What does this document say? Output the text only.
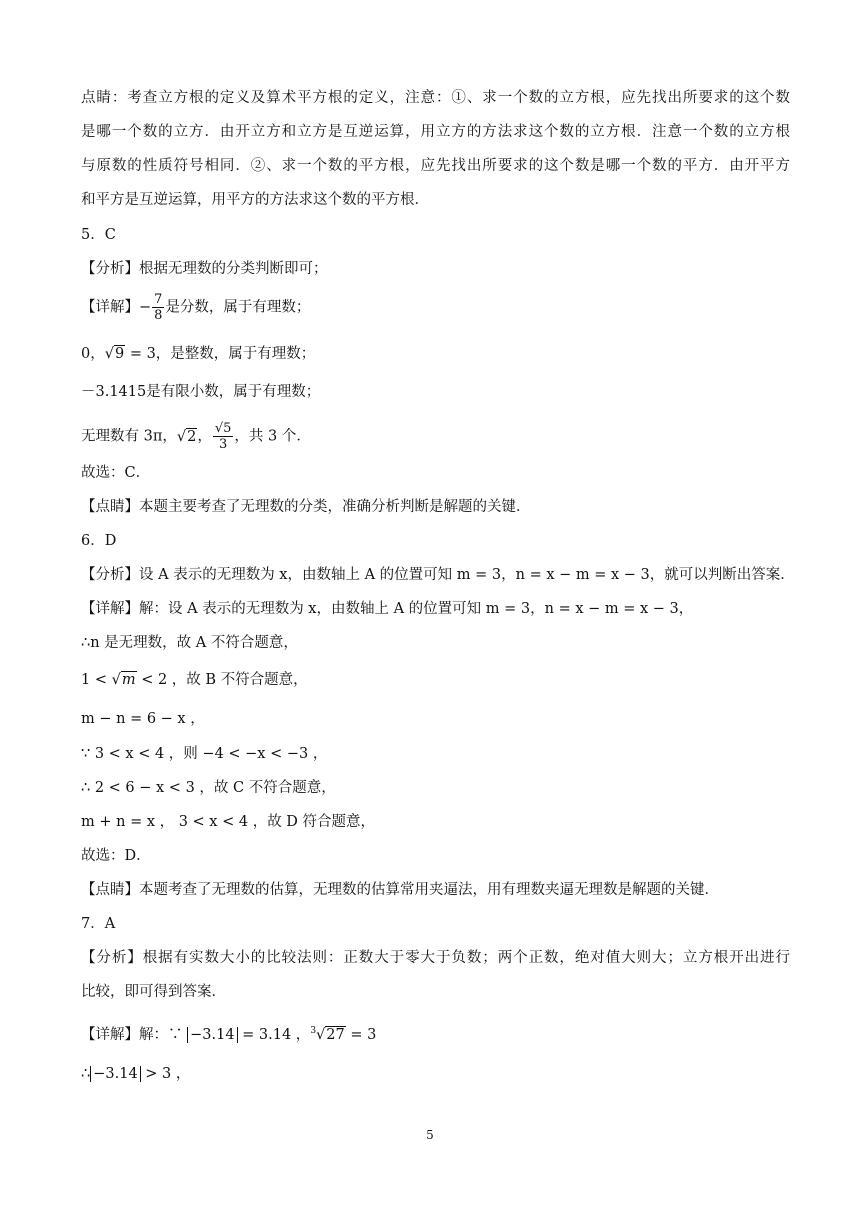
点睛：考查立方根的定义及算术平方根的定义，注意：①、求一个数的立方根，应先找出所要求的这个数
是哪一个数的立方．由开立方和立方是互逆运算，用立方的方法求这个数的立方根．注意一个数的立方根
与原数的性质符号相同．②、求一个数的平方根，应先找出所要求的这个数是哪一个数的平方．由开平方
和平方是互逆运算，用平方的方法求这个数的平方根．
5．C
【分析】根据无理数的分类判断即可；
【详解】− $\frac{7}{8}$ 是分数，属于有理数；
0，√9 = 3，是整数，属于有理数；
－3.1415是有限小数，属于有理数；
无理数有 3π，√2， $\frac{√5}{3}$ ，共 3 个．
故选：C．
【点睛】本题主要考查了无理数的分类，准确分析判断是解题的关键．
6．D
【分析】设 A 表示的无理数为 x，由数轴上 A 的位置可知 m = 3，n = x − m = x − 3，就可以判断出答案．
【详解】解：设 A 表示的无理数为 x，由数轴上 A 的位置可知 m = 3，n = x − m = x − 3，
∴n 是无理数，故 A 不符合题意，
1 < √m < 2 ，故 B 不符合题意，
m − n = 6 − x ，
∵ 3 < x < 4 ，则 −4 < −x < −3 ，
∴ 2 < 6 − x < 3 ，故 C 不符合题意，
m + n = x ， 3 < x < 4 ，故 D 符合题意，
故选：D．
【点睛】本题考查了无理数的估算，无理数的估算常用夹逼法，用有理数夹逼无理数是解题的关键．
7．A
【分析】根据有实数大小的比较法则：正数大于零大于负数；两个正数，绝对值大则大；立方根开出进行
比较，即可得到答案．
【详解】解：∵ −3.14 = 3.14 ，$^3$√27 = 3
∴ −3.14 > 3 ，
5
